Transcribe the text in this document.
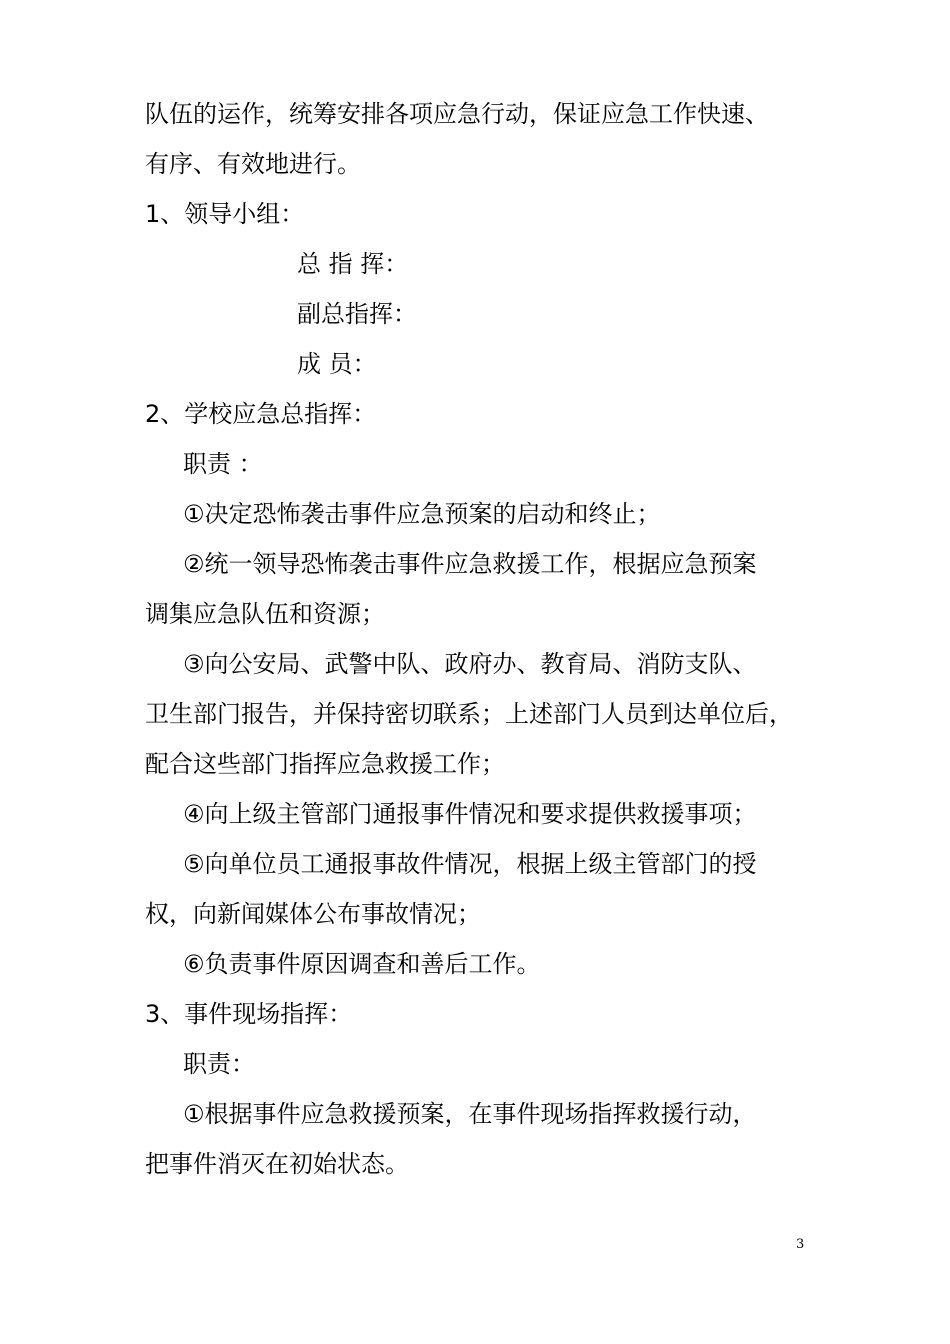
队伍的运作，统筹安排各项应急行动，保证应急工作快速、
有序、有效地进行。
1、领导小组：
总 指 挥：
副总指挥：
成 员：
2、学校应急总指挥：
职责 ：
①决定恐怖袭击事件应急预案的启动和终止；
②统一领导恐怖袭击事件应急救援工作，根据应急预案
调集应急队伍和资源；
③向公安局、武警中队、政府办、教育局、消防支队、
卫生部门报告，并保持密切联系；上述部门人员到达单位后，
配合这些部门指挥应急救援工作；
④向上级主管部门通报事件情况和要求提供救援事项；
⑤向单位员工通报事故件情况，根据上级主管部门的授
权，向新闻媒体公布事故情况；
⑥负责事件原因调查和善后工作。
3、事件现场指挥：
职责：
①根据事件应急救援预案，在事件现场指挥救援行动，
把事件消灭在初始状态。
3
